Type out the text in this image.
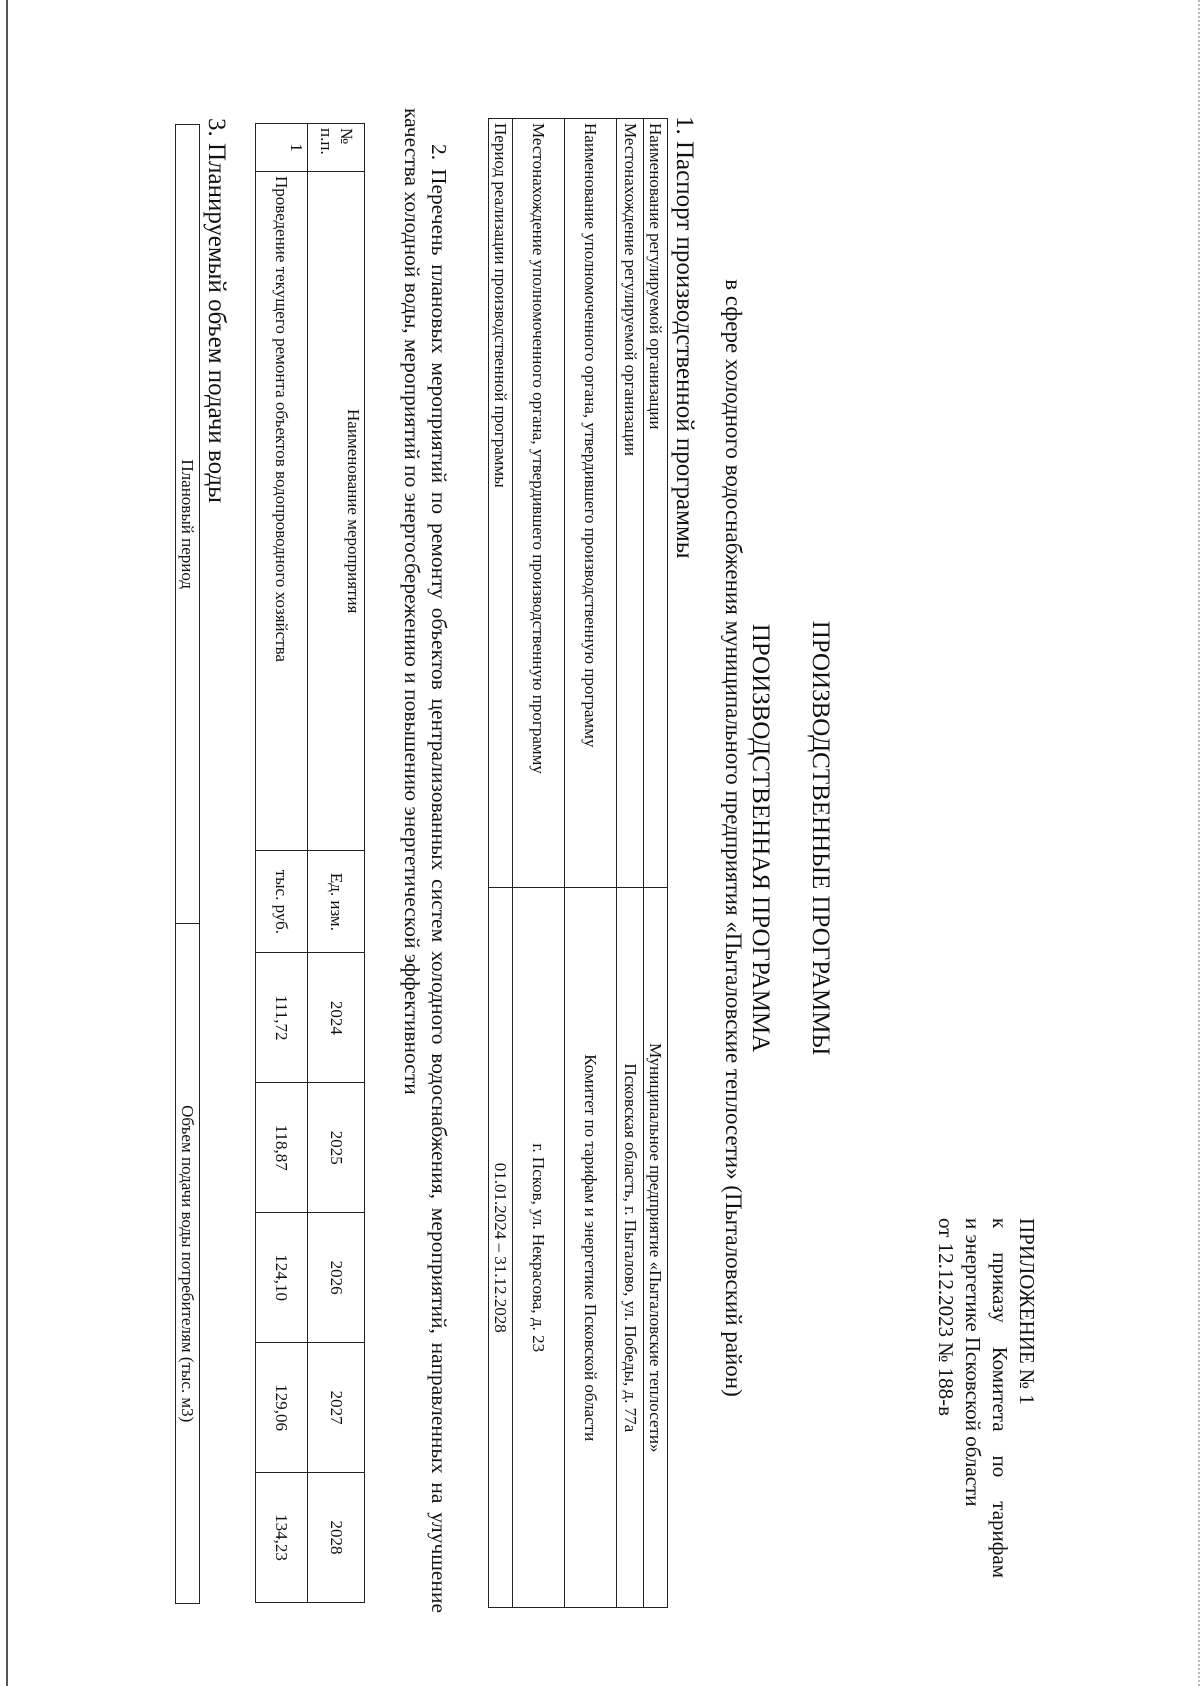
ПРИЛОЖЕНИЕ № 1
к
приказу
Комитета
по
тарифам
и энергетике Псковской области
от 12.12.2023 № 188-в
ПРОИЗВОДСТВЕННЫЕ ПРОГРАММЫ
ПРОИЗВОДСТВЕННАЯ ПРОГРАММА
в сфере холодного водоснабжения муниципального предприятия «Пыталовские теплосети» (Пыталовский район)
1. Паспорт производственной программы
Наименование регулируемой организации	Муниципальное предприятие «Пыталовские теплосети»
Местонахождение регулируемой организации	Псковская область, г. Пыталово, ул. Победы, д. 77а
Наименование уполномоченного органа, утвердившего производственную программу	Комитет по тарифам и энергетике Псковской области
Местонахождение уполномоченного органа, утвердившего производственную программу	г. Псков, ул. Некрасова, д. 23
Период реализации производственной программы	01.01.2024 – 31.12.2028
2. Перечень плановых мероприятий по ремонту объектов централизованных систем холодного водоснабжения, мероприятий, направленных на улучшение качества холодной воды, мероприятий по энергосбережению и повышению энергетической эффективности
№ п.п.	Наименование мероприятия	Ед. изм.	2024	2025	2026	2027	2028
1	Проведение текущего ремонта объектов водопроводного хозяйства	тыс. руб.	111,72	118,87	124,10	129,06	134,23
3. Планируемый объем подачи воды
Плановый период	Объем подачи воды потребителям (тыс. м3)
